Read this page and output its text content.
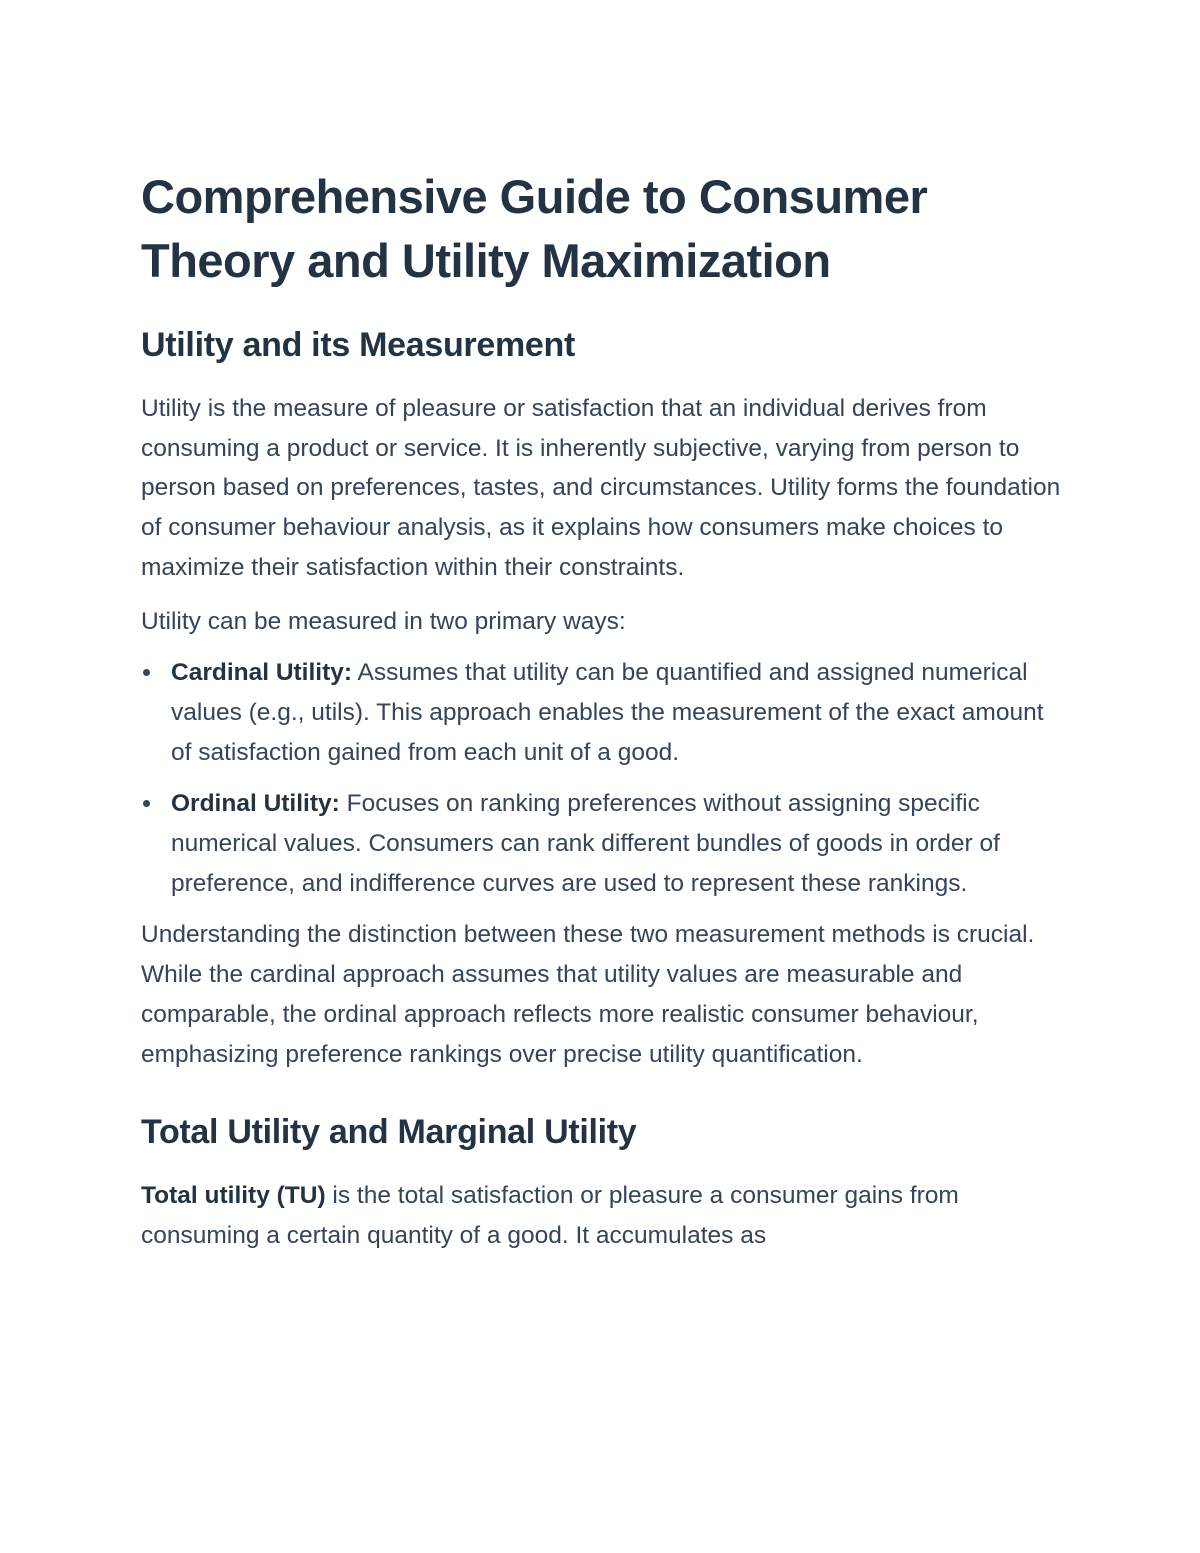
Comprehensive Guide to Consumer Theory and Utility Maximization
Utility and its Measurement

Utility is the measure of pleasure or satisfaction that an individual derives from consuming a product or service. It is inherently subjective, varying from person to person based on preferences, tastes, and circumstances. Utility forms the foundation of consumer behaviour analysis, as it explains how consumers make choices to maximize their satisfaction within their constraints.

Utility can be measured in two primary ways:

Cardinal Utility: Assumes that utility can be quantified and assigned numerical values (e.g., utils). This approach enables the measurement of the exact amount of satisfaction gained from each unit of a good.
Ordinal Utility: Focuses on ranking preferences without assigning specific numerical values. Consumers can rank different bundles of goods in order of preference, and indifference curves are used to represent these rankings.

Understanding the distinction between these two measurement methods is crucial. While the cardinal approach assumes that utility values are measurable and comparable, the ordinal approach reflects more realistic consumer behaviour, emphasizing preference rankings over precise utility quantification.

Total Utility and Marginal Utility

Total utility (TU) is the total satisfaction or pleasure a consumer gains from consuming a certain quantity of a good. It accumulates as
